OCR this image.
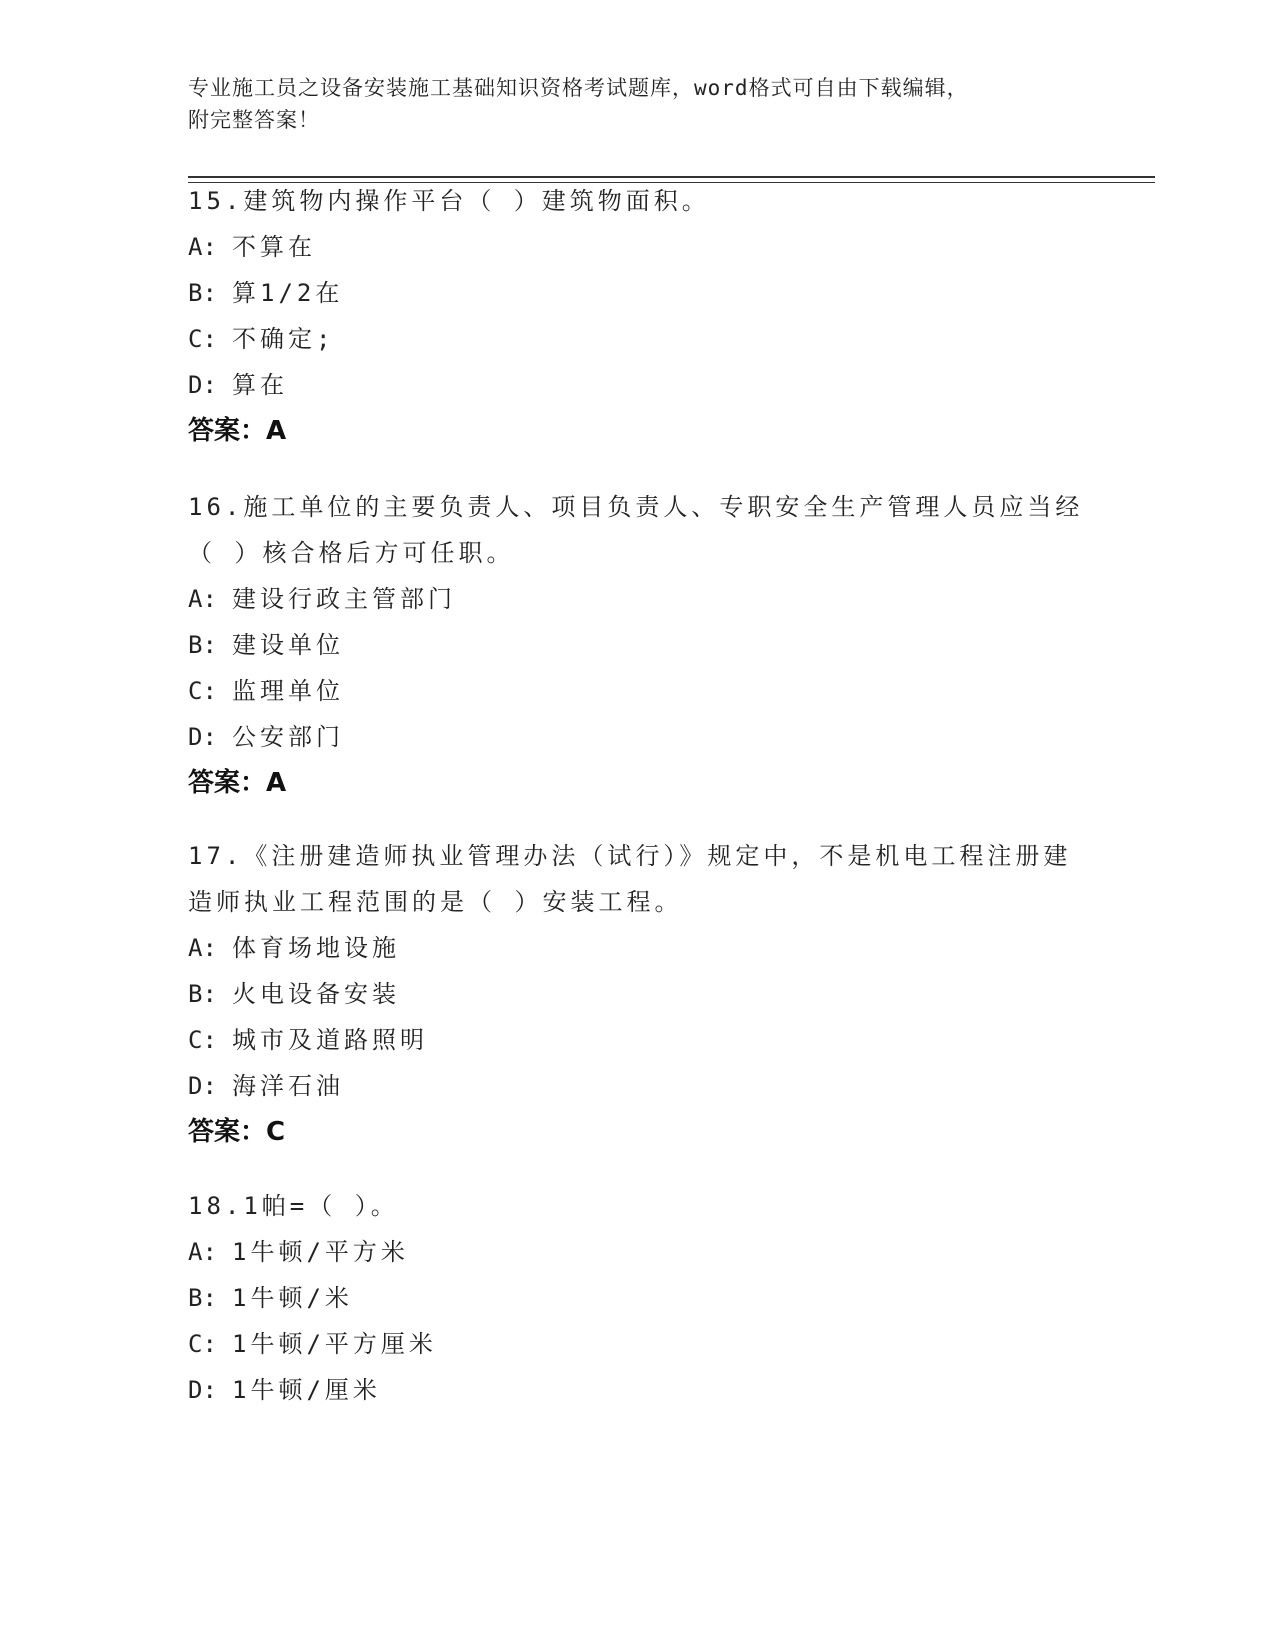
专业施工员之设备安装施工基础知识资格考试题库，word格式可自由下载编辑，
附完整答案！
15.建筑物内操作平台（ ）建筑物面积。
A: 不算在
B: 算1/2在
C: 不确定;
D: 算在
答案：A
16.施工单位的主要负责人、项目负责人、专职安全生产管理人员应当经（ ）核合格后方可任职。
A: 建设行政主管部门
B: 建设单位
C: 监理单位
D: 公安部门
答案：A
17.《注册建造师执业管理办法（试行）》规定中，不是机电工程注册建造师执业工程范围的是（ ）安装工程。
A: 体育场地设施
B: 火电设备安装
C: 城市及道路照明
D: 海洋石油
答案：C
18.1帕=（ ）。
A: 1牛顿/平方米
B: 1牛顿/米
C: 1牛顿/平方厘米
D: 1牛顿/厘米
